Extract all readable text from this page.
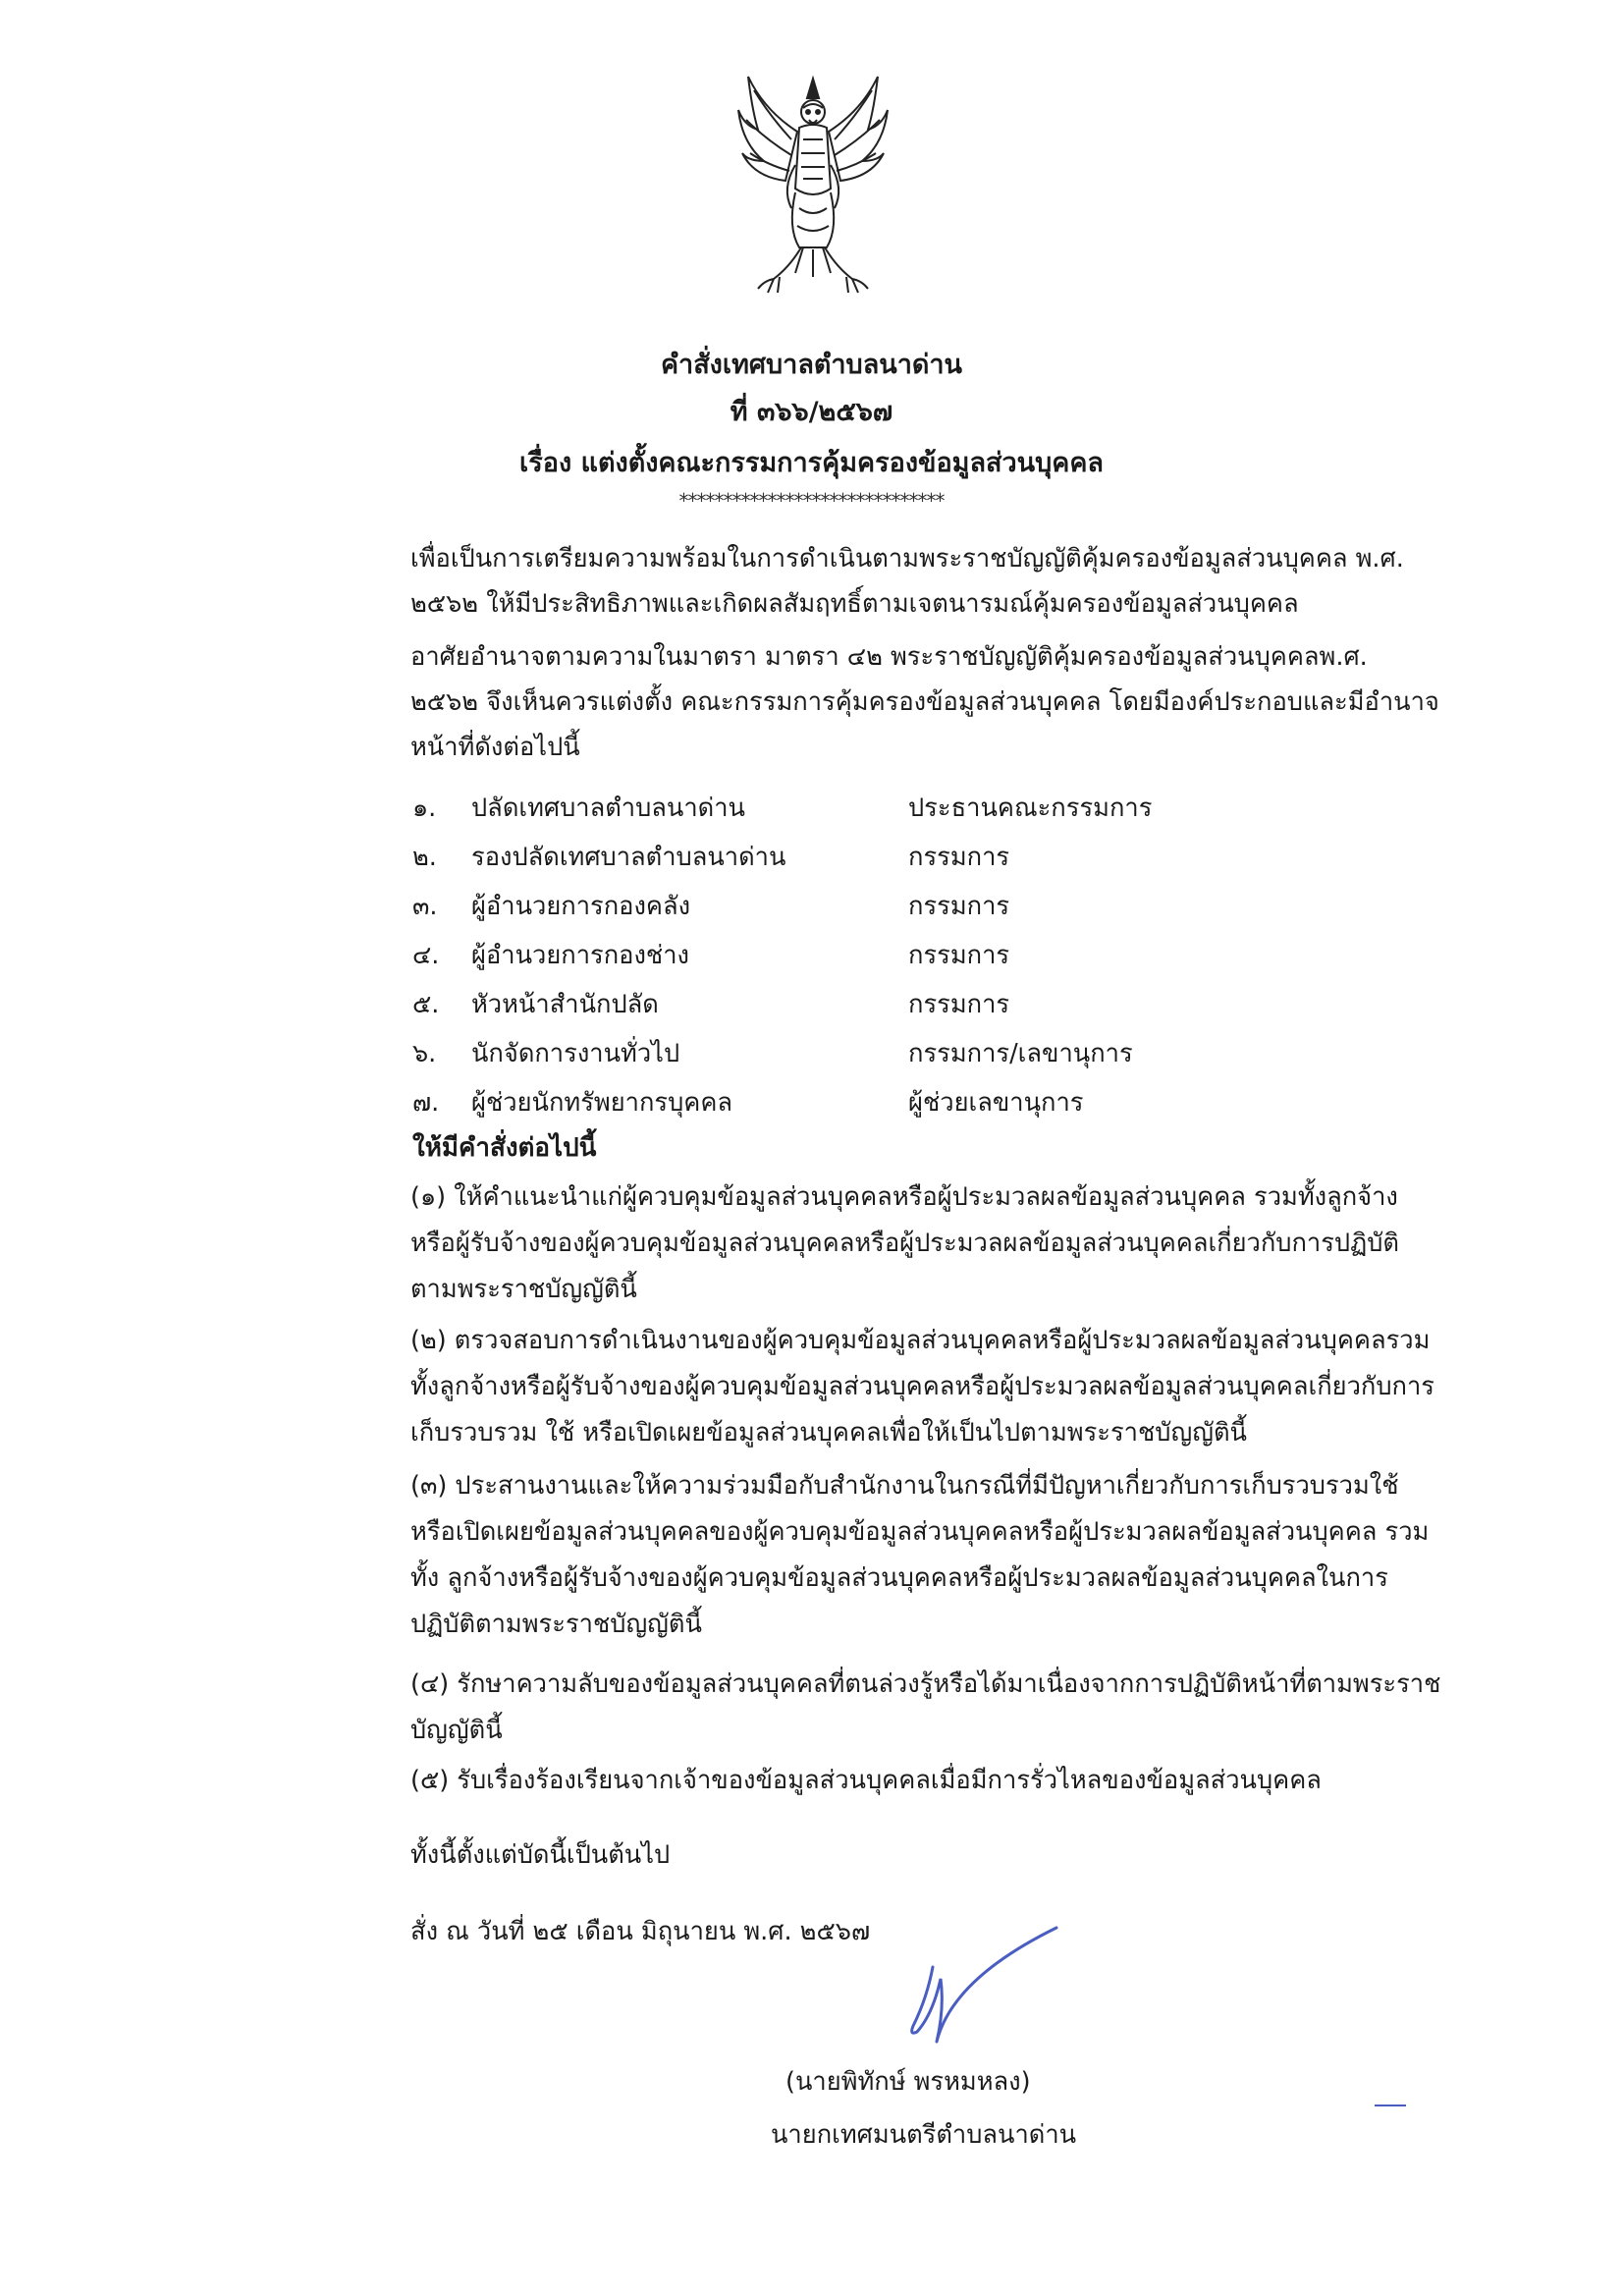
คำสั่งเทศบาลตำบลนาด่าน
ที่ ๓๖๖/๒๕๖๗
เรื่อง แต่งตั้งคณะกรรมการคุ้มครองข้อมูลส่วนบุคคล
******************************
เพื่อเป็นการเตรียมความพร้อมในการดำเนินตามพระราชบัญญัติคุ้มครองข้อมูลส่วนบุคคล พ.ศ. ๒๕๖๒ ให้มีประสิทธิภาพและเกิดผลสัมฤทธิ์ตามเจตนารมณ์คุ้มครองข้อมูลส่วนบุคคล
อาศัยอำนาจตามความในมาตรา มาตรา ๔๒ พระราชบัญญัติคุ้มครองข้อมูลส่วนบุคคลพ.ศ. ๒๕๖๒ จึงเห็นควรแต่งตั้ง คณะกรรมการคุ้มครองข้อมูลส่วนบุคคล โดยมีองค์ประกอบและมีอำนาจหน้าที่ดังต่อไปนี้
๑. ปลัดเทศบาลตำบลนาด่าน	ประธานคณะกรรมการ
๒. รองปลัดเทศบาลตำบลนาด่าน	กรรมการ
๓. ผู้อำนวยการกองคลัง	กรรมการ
๔. ผู้อำนวยการกองช่าง	กรรมการ
๕. หัวหน้าสำนักปลัด	กรรมการ
๖. นักจัดการงานทั่วไป	กรรมการ/เลขานุการ
๗. ผู้ช่วยนักทรัพยากรบุคคล	ผู้ช่วยเลขานุการ
ให้มีคำสั่งต่อไปนี้
(๑) ให้คำแนะนำแก่ผู้ควบคุมข้อมูลส่วนบุคคลหรือผู้ประมวลผลข้อมูลส่วนบุคคล รวมทั้งลูกจ้างหรือผู้รับจ้างของผู้ควบคุมข้อมูลส่วนบุคคลหรือผู้ประมวลผลข้อมูลส่วนบุคคลเกี่ยวกับการปฏิบัติตามพระราชบัญญัตินี้
(๒) ตรวจสอบการดำเนินงานของผู้ควบคุมข้อมูลส่วนบุคคลหรือผู้ประมวลผลข้อมูลส่วนบุคคลรวมทั้งลูกจ้างหรือผู้รับจ้างของผู้ควบคุมข้อมูลส่วนบุคคลหรือผู้ประมวลผลข้อมูลส่วนบุคคลเกี่ยวกับการเก็บรวบรวม ใช้ หรือเปิดเผยข้อมูลส่วนบุคคลเพื่อให้เป็นไปตามพระราชบัญญัตินี้
(๓) ประสานงานและให้ความร่วมมือกับสำนักงานในกรณีที่มีปัญหาเกี่ยวกับการเก็บรวบรวมใช้หรือเปิดเผยข้อมูลส่วนบุคคลของผู้ควบคุมข้อมูลส่วนบุคคลหรือผู้ประมวลผลข้อมูลส่วนบุคคล รวมทั้ง ลูกจ้างหรือผู้รับจ้างของผู้ควบคุมข้อมูลส่วนบุคคลหรือผู้ประมวลผลข้อมูลส่วนบุคคลในการปฏิบัติตามพระราชบัญญัตินี้
(๔) รักษาความลับของข้อมูลส่วนบุคคลที่ตนล่วงรู้หรือได้มาเนื่องจากการปฏิบัติหน้าที่ตามพระราชบัญญัตินี้
(๕) รับเรื่องร้องเรียนจากเจ้าของข้อมูลส่วนบุคคลเมื่อมีการรั่วไหลของข้อมูลส่วนบุคคล
ทั้งนี้ตั้งแต่บัดนี้เป็นต้นไป
สั่ง ณ วันที่ ๒๕ เดือน มิถุนายน พ.ศ. ๒๕๖๗
(นายพิทักษ์ พรหมหลง)
นายกเทศมนตรีตำบลนาด่าน
